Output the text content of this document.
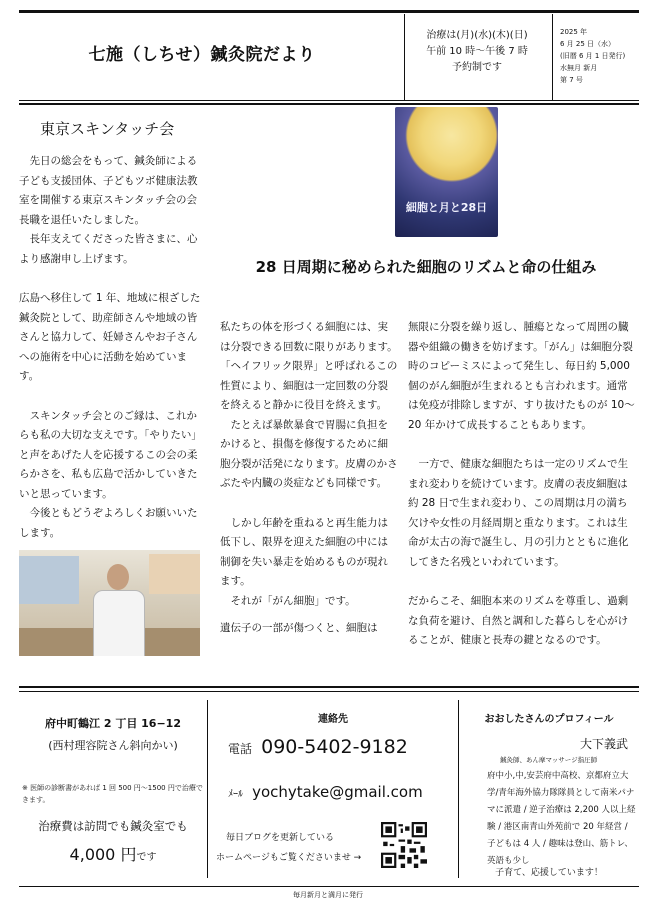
七施（しちせ）鍼灸院だより
治療は(月)(水)(木)(日)
午前 10 時〜午後 7 時
予約制です
2025 年
6 月 25 日（水）
(旧暦 6 月 1 日発行)
水無月 新月
第 7 号
東京スキンタッチ会

　先日の総会をもって、鍼灸師による子ども支援団体、子どもツボ健康法教室を開催する東京スキンタッチ会の会長職を退任いたしました。
　長年支えてくださった皆さまに、心より感謝申し上げます。

広島へ移住して 1 年、地域に根ざした鍼灸院として、助産師さんや地域の皆さんと協力して、妊婦さんやお子さんへの施術を中心に活動を始めています。

　スキンタッチ会とのご縁は、これからも私の大切な支えです。「やりたい」と声をあげた人を応援するこの会の柔らかさを、私も広島で活かしていきたいと思っています。
　今後ともどうぞよろしくお願いいたします。

細胞と月と28日
28 日周期に秘められた細胞のリズムと命の仕組み

私たちの体を形づくる細胞には、実は分裂できる回数に限りがあります。「ヘイフリック限界」と呼ばれるこの性質により、細胞は一定回数の分裂を終えると静かに役目を終えます。

　たとえば暴飲暴食で胃腸に負担をかけると、損傷を修復するために細胞分裂が活発になります。皮膚のかさぶたや内臓の炎症なども同様です。

　しかし年齢を重ねると再生能力は低下し、限界を迎えた細胞の中には制御を失い暴走を始めるものが現れます。
　それが「がん細胞」です。

遺伝子の一部が傷つくと、細胞は

無限に分裂を繰り返し、腫瘍となって周囲の臓器や組織の働きを妨げます。「がん」は細胞分裂時のコピーミスによって発生し、毎日約 5,000 個のがん細胞が生まれるとも言われます。通常は免疫が排除しますが、すり抜けたものが 10〜20 年かけて成長することもあります。

　一方で、健康な細胞たちは一定のリズムで生まれ変わりを続けています。皮膚の表皮細胞は約 28 日で生まれ変わり、この周期は月の満ち欠けや女性の月経周期と重なります。これは生命が太古の海で誕生し、月の引力とともに進化してきた名残といわれています。

だからこそ、細胞本来のリズムを尊重し、過剰な負荷を避け、自然と調和した暮らしを心がけることが、健康と長寿の鍵となるのです。

府中町鶴江 2 丁目 16−12
(西村理容院さん斜向かい)
※ 医師の診断書があれば 1 回 500 円〜1500 円で治療できます。
治療費は訪問でも鍼灸室でも
4,000 円です
連絡先
電話 090-5402-9182
ﾒｰﾙ yochytake@gmail.com
毎日ブログを更新している
ホームページもご覧くださいませ →
おおしたさんのプロフィール
大下義武
鍼灸師、あん摩マッサージ指圧師
府中小,中,安芸府中高校、京都府立大学/青年海外協力隊隊員として南米パナマに派遣 / 逆子治療は 2,200 人以上経験 / 港区南青山外苑前で 20 年経営 / 子どもは 4 人 / 趣味は登山、筋トレ、英語も少し
子育て、応援しています！
毎月新月と満月に発行
